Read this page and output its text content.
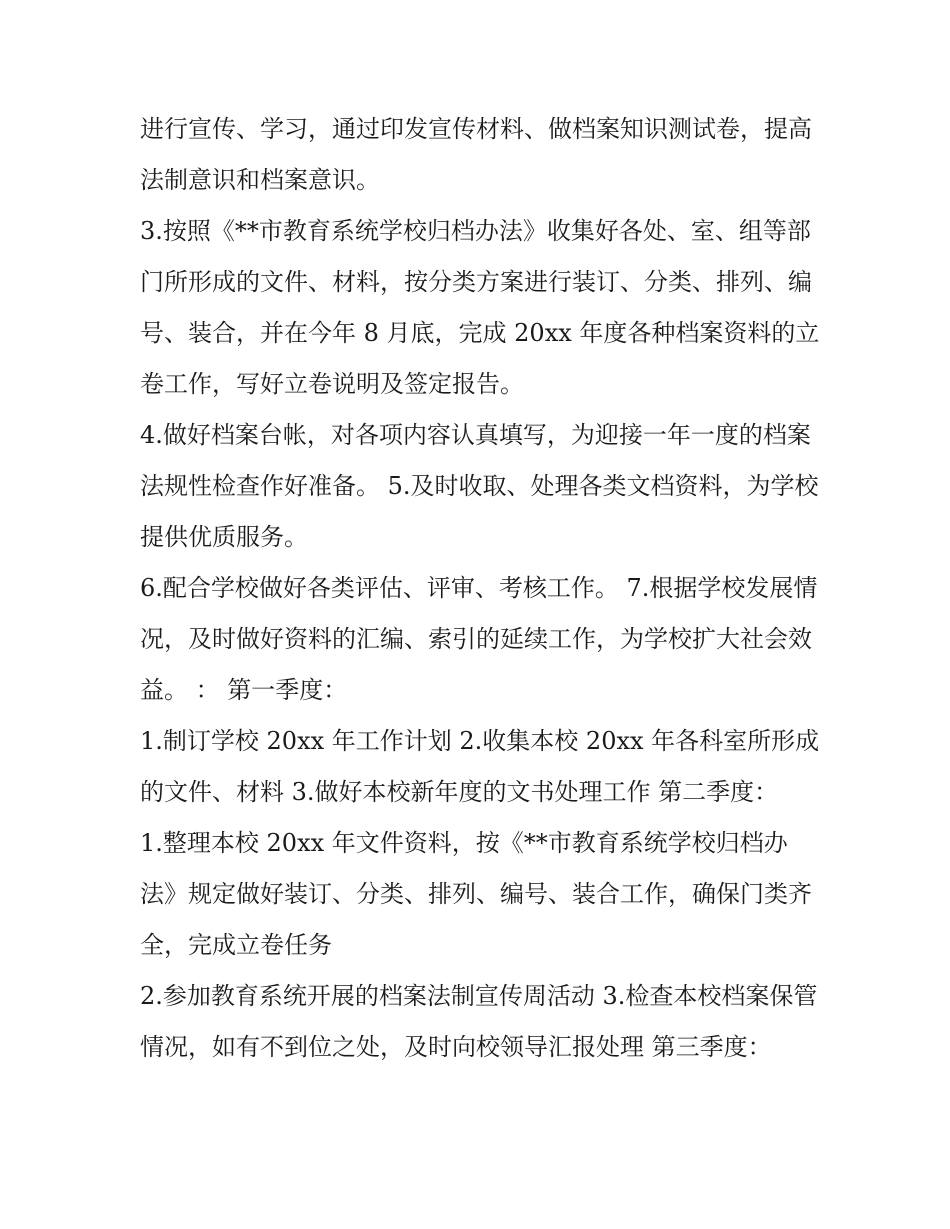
进行宣传、学习，通过印发宣传材料、做档案知识测试卷，提高法制意识和档案意识。

3.按照《**市教育系统学校归档办法》收集好各处、室、组等部门所形成的文件、材料，按分类方案进行装订、分类、排列、编号、装合，并在今年 8 月底，完成 20xx 年度各种档案资料的立卷工作，写好立卷说明及签定报告。

4.做好档案台帐，对各项内容认真填写，为迎接一年一度的档案法规性检查作好准备。 5.及时收取、处理各类文档资料，为学校提供优质服务。

6.配合学校做好各类评估、评审、考核工作。 7.根据学校发展情况，及时做好资料的汇编、索引的延续工作，为学校扩大社会效益。 ： 第一季度：

1.制订学校 20xx 年工作计划 2.收集本校 20xx 年各科室所形成的文件、材料 3.做好本校新年度的文书处理工作 第二季度：

1.整理本校 20xx 年文件资料，按《**市教育系统学校归档办法》规定做好装订、分类、排列、编号、装合工作，确保门类齐全，完成立卷任务

2.参加教育系统开展的档案法制宣传周活动 3.检查本校档案保管情况，如有不到位之处，及时向校领导汇报处理 第三季度：
